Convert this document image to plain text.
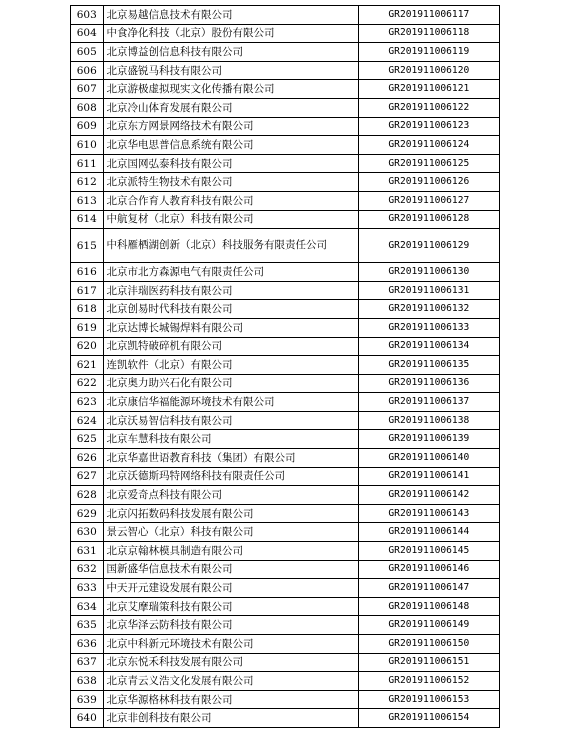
603	北京易越信息技术有限公司	GR201911006117
604	中食净化科技（北京）股份有限公司	GR201911006118
605	北京博益创信息科技有限公司	GR201911006119
606	北京盛锐马科技有限公司	GR201911006120
607	北京游极虚拟现实文化传播有限公司	GR201911006121
608	北京冷山体育发展有限公司	GR201911006122
609	北京东方网景网络技术有限公司	GR201911006123
610	北京华电思普信息系统有限公司	GR201911006124
611	北京国网弘泰科技有限公司	GR201911006125
612	北京派特生物技术有限公司	GR201911006126
613	北京合作育人教育科技有限公司	GR201911006127
614	中航复材（北京）科技有限公司	GR201911006128
615	中科雁栖湖创新（北京）科技服务有限责任公司	GR201911006129
616	北京市北方森源电气有限责任公司	GR201911006130
617	北京沣瑞医药科技有限公司	GR201911006131
618	北京创易时代科技有限公司	GR201911006132
619	北京达博长城锡焊料有限公司	GR201911006133
620	北京凯特破碎机有限公司	GR201911006134
621	连凯软件（北京）有限公司	GR201911006135
622	北京奥力助兴石化有限公司	GR201911006136
623	北京康信华福能源环境技术有限公司	GR201911006137
624	北京沃易智信科技有限公司	GR201911006138
625	北京车慧科技有限公司	GR201911006139
626	北京华嘉世语教育科技（集团）有限公司	GR201911006140
627	北京沃德斯玛特网络科技有限责任公司	GR201911006141
628	北京爱奇点科技有限公司	GR201911006142
629	北京闪拓数码科技发展有限公司	GR201911006143
630	景云智心（北京）科技有限公司	GR201911006144
631	北京京翰林模具制造有限公司	GR201911006145
632	国新盛华信息技术有限公司	GR201911006146
633	中天开元建设发展有限公司	GR201911006147
634	北京艾摩瑞策科技有限公司	GR201911006148
635	北京华泽云防科技有限公司	GR201911006149
636	北京中科新元环境技术有限公司	GR201911006150
637	北京东悦禾科技发展有限公司	GR201911006151
638	北京青云义浩文化发展有限公司	GR201911006152
639	北京华源格林科技有限公司	GR201911006153
640	北京非创科技有限公司	GR201911006154
